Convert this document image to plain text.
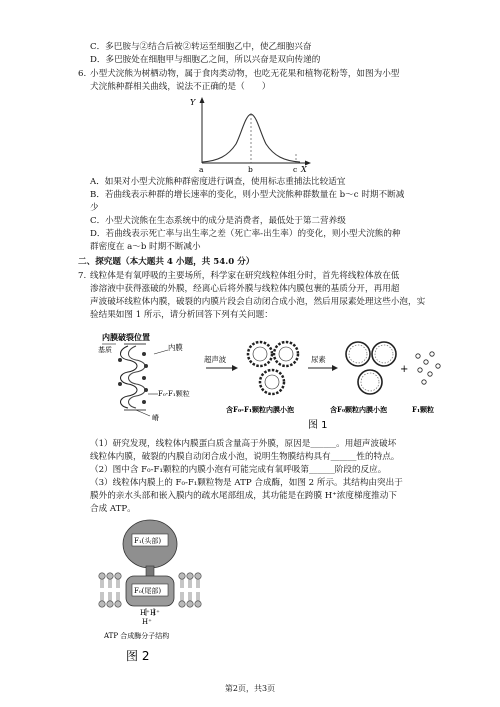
C．多巴胺与②结合后被②转运至细胞乙中，使乙细胞兴奋
D．多巴胺处在细胞甲与细胞乙之间，所以兴奋是双向传递的
6. 小型犬浣熊为树栖动物，属于食肉类动物，也吃无花果和植物花粉等，如图为小型
犬浣熊种群相关曲线，说法不正确的是（　　）
Y
X
a	b	c
A．如果对小型犬浣熊种群密度进行调查，使用标志重捕法比较适宜
B．若曲线表示种群的增长速率的变化，则小型犬浣熊种群数量在 b～c 时期不断减
少
C．小型犬浣熊在生态系统中的成分是消费者，最低处于第二营养级
D．若曲线表示死亡率与出生率之差（死亡率-出生率）的变化，则小型犬浣熊的种
群密度在 a～b 时期不断减小
二、探究题（本大题共 4 小题，共 54.0 分）
7. 线粒体是有氧呼吸的主要场所，科学家在研究线粒体组分时，首先将线粒体放在低
渗溶液中获得涨破的外膜，经离心后将外膜与线粒体内膜包裹的基质分开，再用超
声波破坏线粒体内膜，破裂的内膜片段会自动闭合成小泡，然后用尿素处理这些小泡，实
验结果如图 1 所示，请分析回答下列有关问题：
内膜破裂位置
基质	内膜
F₀-F₁颗粒
嵴
超声波	尿素
+
含F₀-F₁颗粒内膜小泡	含F₀颗粒内膜小泡	F₁颗粒
图 1
（1）研究发现，线粒体内膜蛋白质含量高于外膜，原因是______。用超声波破坏
线粒体内膜，破裂的内膜自动闭合成小泡，说明生物膜结构具有______性的特点。
（2）图中含 F₀-F₁颗粒的内膜小泡有可能完成有氧呼吸第______阶段的反应。
（3）线粒体内膜上的 F₀-F₁颗粒物是 ATP 合成酶，如图 2 所示。其结构由突出于
膜外的亲水头部和嵌入膜内的疏水尾部组成，其功能是在跨膜 H⁺浓度梯度推动下
合成 ATP。
F₁(头部)
F₀(尾部)
H⁺ H⁺
H⁺
ATP 合成酶分子结构
图 2
第2页，共3页
